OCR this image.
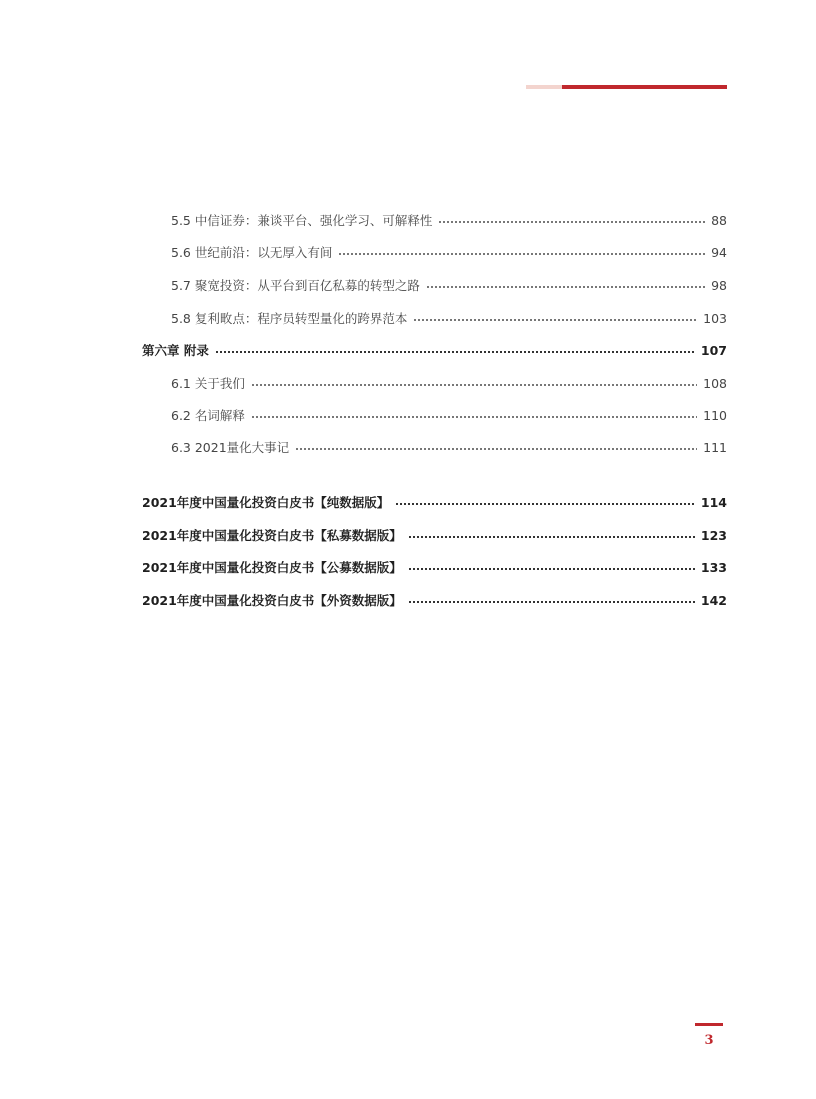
5.5 中信证券：兼谈平台、强化学习、可解释性	88
5.6 世纪前沿：以无厚入有间	94
5.7 聚宽投资：从平台到百亿私募的转型之路	98
5.8 复利畋点：程序员转型量化的跨界范本	103
第六章 附录	107
6.1 关于我们	108
6.2 名词解释	110
6.3 2021量化大事记	111
2021年度中国量化投资白皮书【纯数据版】	114
2021年度中国量化投资白皮书【私募数据版】	123
2021年度中国量化投资白皮书【公募数据版】	133
2021年度中国量化投资白皮书【外资数据版】	142
3
